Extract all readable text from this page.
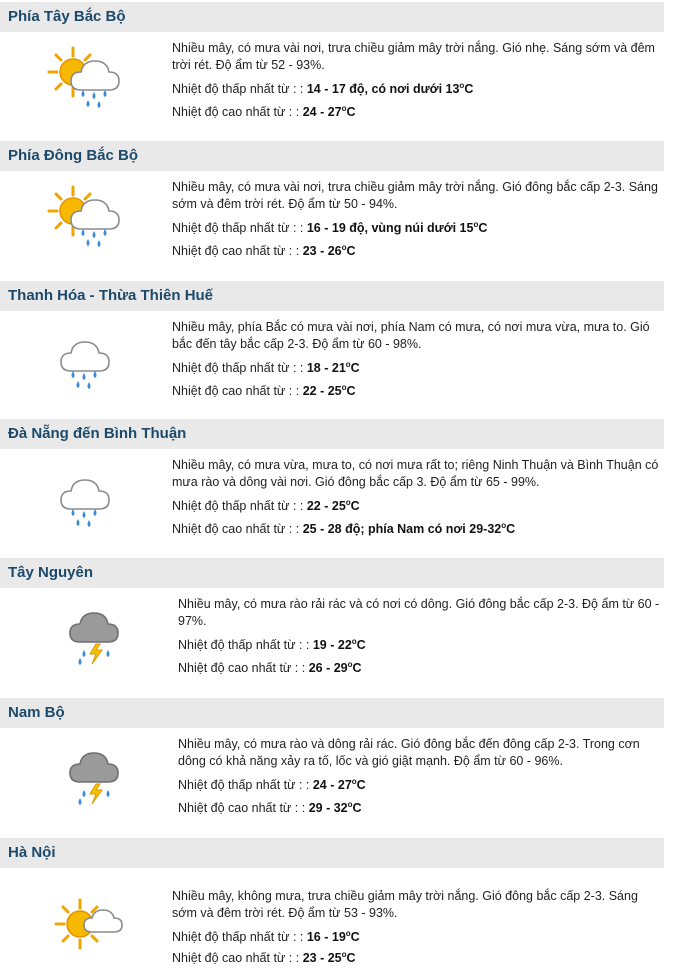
Phía Tây Bắc Bộ
Nhiều mây, có mưa vài nơi, trưa chiều giảm mây trời nắng. Gió nhẹ. Sáng sớm và đêm trời rét. Độ ẩm từ 52 - 93%.
Nhiệt độ thấp nhất từ : : 14 - 17 độ, có nơi dưới 13$^o$C
Nhiệt độ cao nhất từ : : 24 - 27$^o$C
Phía Đông Bắc Bộ
Nhiều mây, có mưa vài nơi, trưa chiều giảm mây trời nắng. Gió đông bắc cấp 2-3. Sáng sớm và đêm trời rét. Độ ẩm từ 50 - 94%.
Nhiệt độ thấp nhất từ : : 16 - 19 độ, vùng núi dưới 15$^o$C
Nhiệt độ cao nhất từ : : 23 - 26$^o$C
Thanh Hóa - Thừa Thiên Huế
Nhiều mây, phía Bắc có mưa vài nơi, phía Nam có mưa, có nơi mưa vừa, mưa to. Gió bắc đến tây bắc cấp 2-3. Độ ẩm từ 60 - 98%.
Nhiệt độ thấp nhất từ : : 18 - 21$^o$C
Nhiệt độ cao nhất từ : : 22 - 25$^o$C
Đà Nẵng đến Bình Thuận
Nhiều mây, có mưa vừa, mưa to, có nơi mưa rất to; riêng Ninh Thuận và Bình Thuận có mưa rào và dông vài nơi. Gió đông bắc cấp 3. Độ ẩm từ 65 - 99%.
Nhiệt độ thấp nhất từ : : 22 - 25$^o$C
Nhiệt độ cao nhất từ : : 25 - 28 độ; phía Nam có nơi 29-32$^o$C
Tây Nguyên
Nhiều mây, có mưa rào rải rác và có nơi có dông. Gió đông bắc cấp 2-3. Độ ẩm từ 60 - 97%.
Nhiệt độ thấp nhất từ : : 19 - 22$^o$C
Nhiệt độ cao nhất từ : : 26 - 29$^o$C
Nam Bộ
Nhiều mây, có mưa rào và dông rải rác. Gió đông bắc đến đông cấp 2-3. Trong cơn dông có khả năng xảy ra tố, lốc và gió giật mạnh. Độ ẩm từ 60 - 96%.
Nhiệt độ thấp nhất từ : : 24 - 27$^o$C
Nhiệt độ cao nhất từ : : 29 - 32$^o$C
Hà Nội
Nhiều mây, không mưa, trưa chiều giảm mây trời nắng. Gió đông bắc cấp 2-3. Sáng sớm và đêm trời rét. Độ ẩm từ 53 - 93%.
Nhiệt độ thấp nhất từ : : 16 - 19$^o$C
Nhiệt độ cao nhất từ : : 23 - 25$^o$C
